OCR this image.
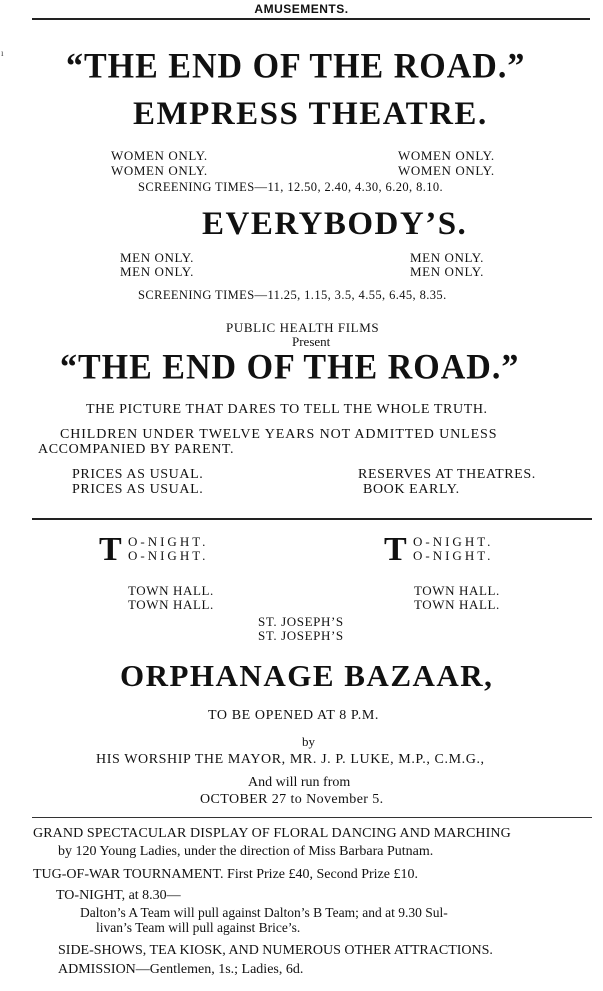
AMUSEMENTS.
ı “THE END OF THE ROAD.”
EMPRESS THEATRE.
WOMEN ONLY.
WOMEN ONLY.
WOMEN ONLY.
WOMEN ONLY.
SCREENING TIMES—11, 12.50, 2.40, 4.30, 6.20, 8.10.
EVERYBODY’S.
MEN ONLY.
MEN ONLY.
MEN ONLY.
MEN ONLY.
SCREENING TIMES—11.25, 1.15, 3.5, 4.55, 6.45, 8.35.
PUBLIC HEALTH FILMS
Present
“THE END OF THE ROAD.”
THE PICTURE THAT DARES TO TELL THE WHOLE TRUTH.
CHILDREN UNDER TWELVE YEARS NOT ADMITTED UNLESS
ACCOMPANIED BY PARENT.
PRICES AS USUAL.
PRICES AS USUAL.
RESERVES AT THEATRES.
BOOK EARLY.
T O-NIGHT.
O-NIGHT.	T O-NIGHT.
O-NIGHT.
TOWN HALL.
TOWN HALL.
TOWN HALL.
TOWN HALL.
ST. JOSEPH’S
ST. JOSEPH’S
ORPHANAGE BAZAAR,
TO BE OPENED AT 8 P.M.
by
HIS WORSHIP THE MAYOR, MR. J. P. LUKE, M.P., C.M.G.,
And will run from
OCTOBER 27 to November 5.
GRAND SPECTACULAR DISPLAY OF FLORAL DANCING AND MARCHING
by 120 Young Ladies, under the direction of Miss Barbara Putnam.
TUG-OF-WAR TOURNAMENT. First Prize £40, Second Prize £10.
TO-NIGHT, at 8.30—
Dalton’s A Team will pull against Dalton’s B Team; and at 9.30 Sul-
livan’s Team will pull against Brice’s.
SIDE-SHOWS, TEA KIOSK, AND NUMEROUS OTHER ATTRACTIONS.
ADMISSION—Gentlemen, 1s.; Ladies, 6d.
